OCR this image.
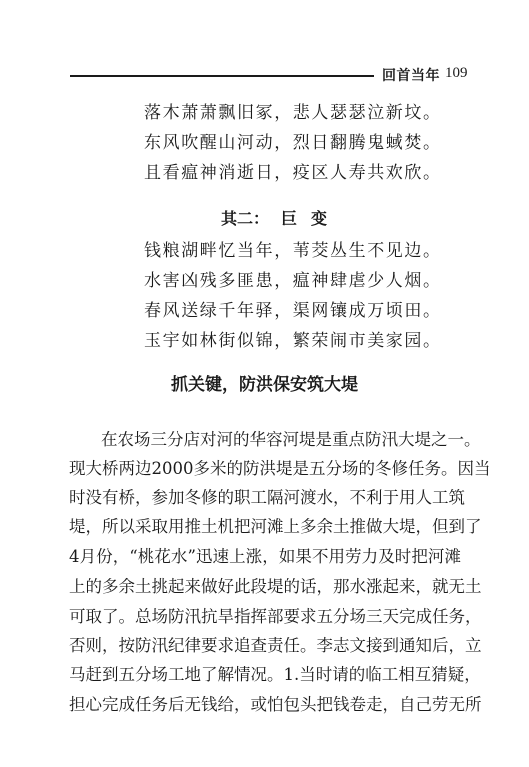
回首当年 109
落木萧萧飘旧冢，悲人瑟瑟泣新坟。
东风吹醒山河动，烈日翻腾鬼蜮焚。
且看瘟神消逝日，疫区人寿共欢欣。
其二： 巨变
钱粮湖畔忆当年，苇茭丛生不见边。
水害凶残多匪患，瘟神肆虐少人烟。
春风送绿千年驿，渠网镶成万顷田。
玉宇如林街似锦，繁荣闹市美家园。
抓关键，防洪保安筑大堤
在农场三分店对河的华容河堤是重点防汛大堤之一。
现大桥两边2000多米的防洪堤是五分场的冬修任务。因当
时没有桥，参加冬修的职工隔河渡水，不利于用人工筑
堤，所以采取用推土机把河滩上多余土推做大堤，但到了
4月份，“桃花水”迅速上涨，如果不用劳力及时把河滩
上的多余土挑起来做好此段堤的话，那水涨起来，就无土
可取了。总场防汛抗旱指挥部要求五分场三天完成任务，
否则，按防汛纪律要求追查责任。李志文接到通知后，立
马赶到五分场工地了解情况。1.当时请的临工相互猜疑，
担心完成任务后无钱给，或怕包头把钱卷走，自己劳无所
